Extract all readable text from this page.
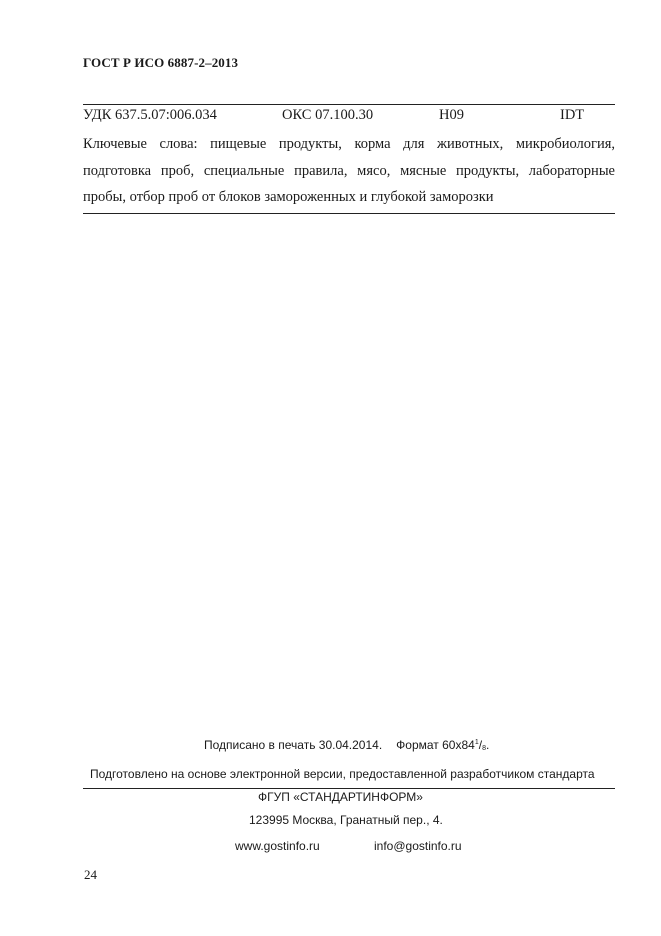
ГОСТ Р ИСО 6887-2–2013
УДК 637.5.07:006.034	ОКС 07.100.30	Н09	IDT
Ключевые слова: пищевые продукты, корма для животных, микробиология,
подготовка проб, специальные правила, мясо, мясные продукты, лабораторные
пробы, отбор проб от блоков замороженных и глубокой заморозки
Подписано в печать 30.04.2014. Формат $60x84^1/_8$.
Подготовлено на основе электронной версии, предоставленной разработчиком стандарта
ФГУП «СТАНДАРТИНФОРМ»
123995 Москва, Гранатный пер., 4.
www.gostinfo.ru	info@gostinfo.ru
24
